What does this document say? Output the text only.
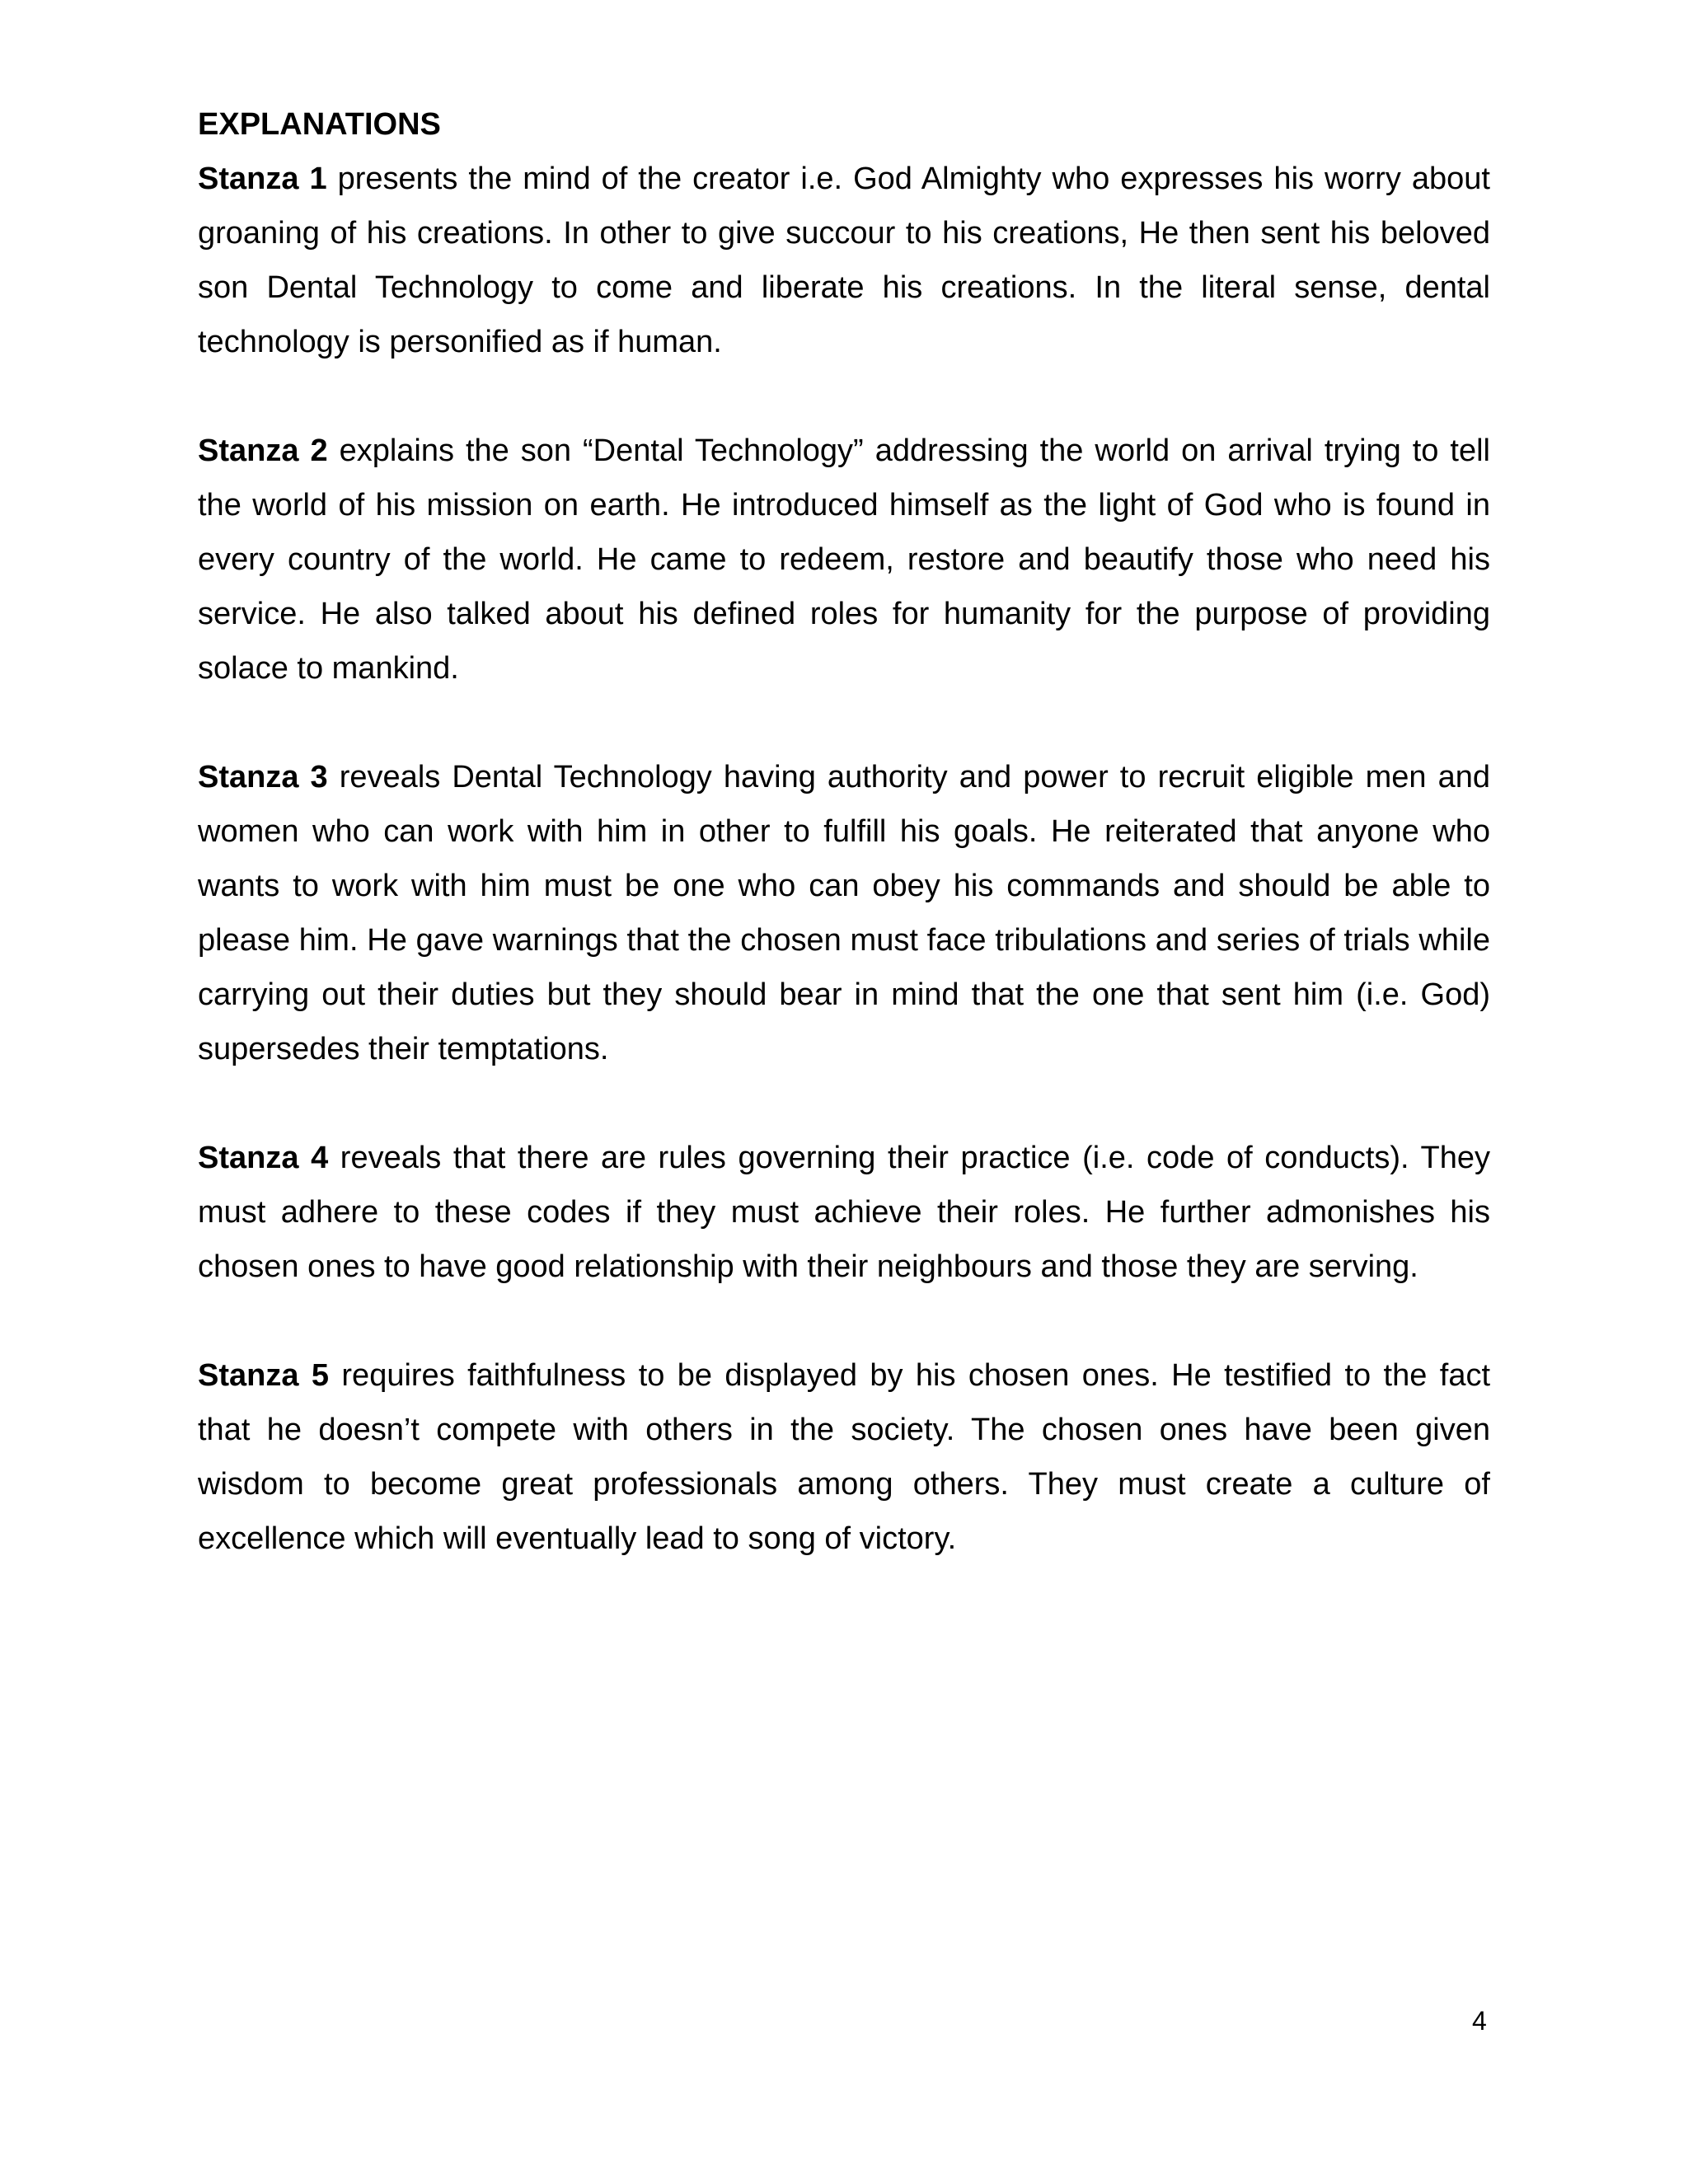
EXPLANATIONS

Stanza 1 presents the mind of the creator i.e. God Almighty who expresses his worry about groaning of his creations. In other to give succour to his creations, He then sent his beloved son Dental Technology to come and liberate his creations. In the literal sense, dental technology is personified as if human.

Stanza 2 explains the son “Dental Technology” addressing the world on arrival trying to tell the world of his mission on earth. He introduced himself as the light of God who is found in every country of the world. He came to redeem, restore and beautify those who need his service. He also talked about his defined roles for humanity for the purpose of providing solace to mankind.

Stanza 3 reveals Dental Technology having authority and power to recruit eligible men and women who can work with him in other to fulfill his goals. He reiterated that anyone who wants to work with him must be one who can obey his commands and should be able to please him. He gave warnings that the chosen must face tribulations and series of trials while carrying out their duties but they should bear in mind that the one that sent him (i.e. God) supersedes their temptations.

Stanza 4 reveals that there are rules governing their practice (i.e. code of conducts). They must adhere to these codes if they must achieve their roles. He further admonishes his chosen ones to have good relationship with their neighbours and those they are serving.

Stanza 5 requires faithfulness to be displayed by his chosen ones. He testified to the fact that he doesn’t compete with others in the society. The chosen ones have been given wisdom to become great professionals among others. They must create a culture of excellence which will eventually lead to song of victory.

4
